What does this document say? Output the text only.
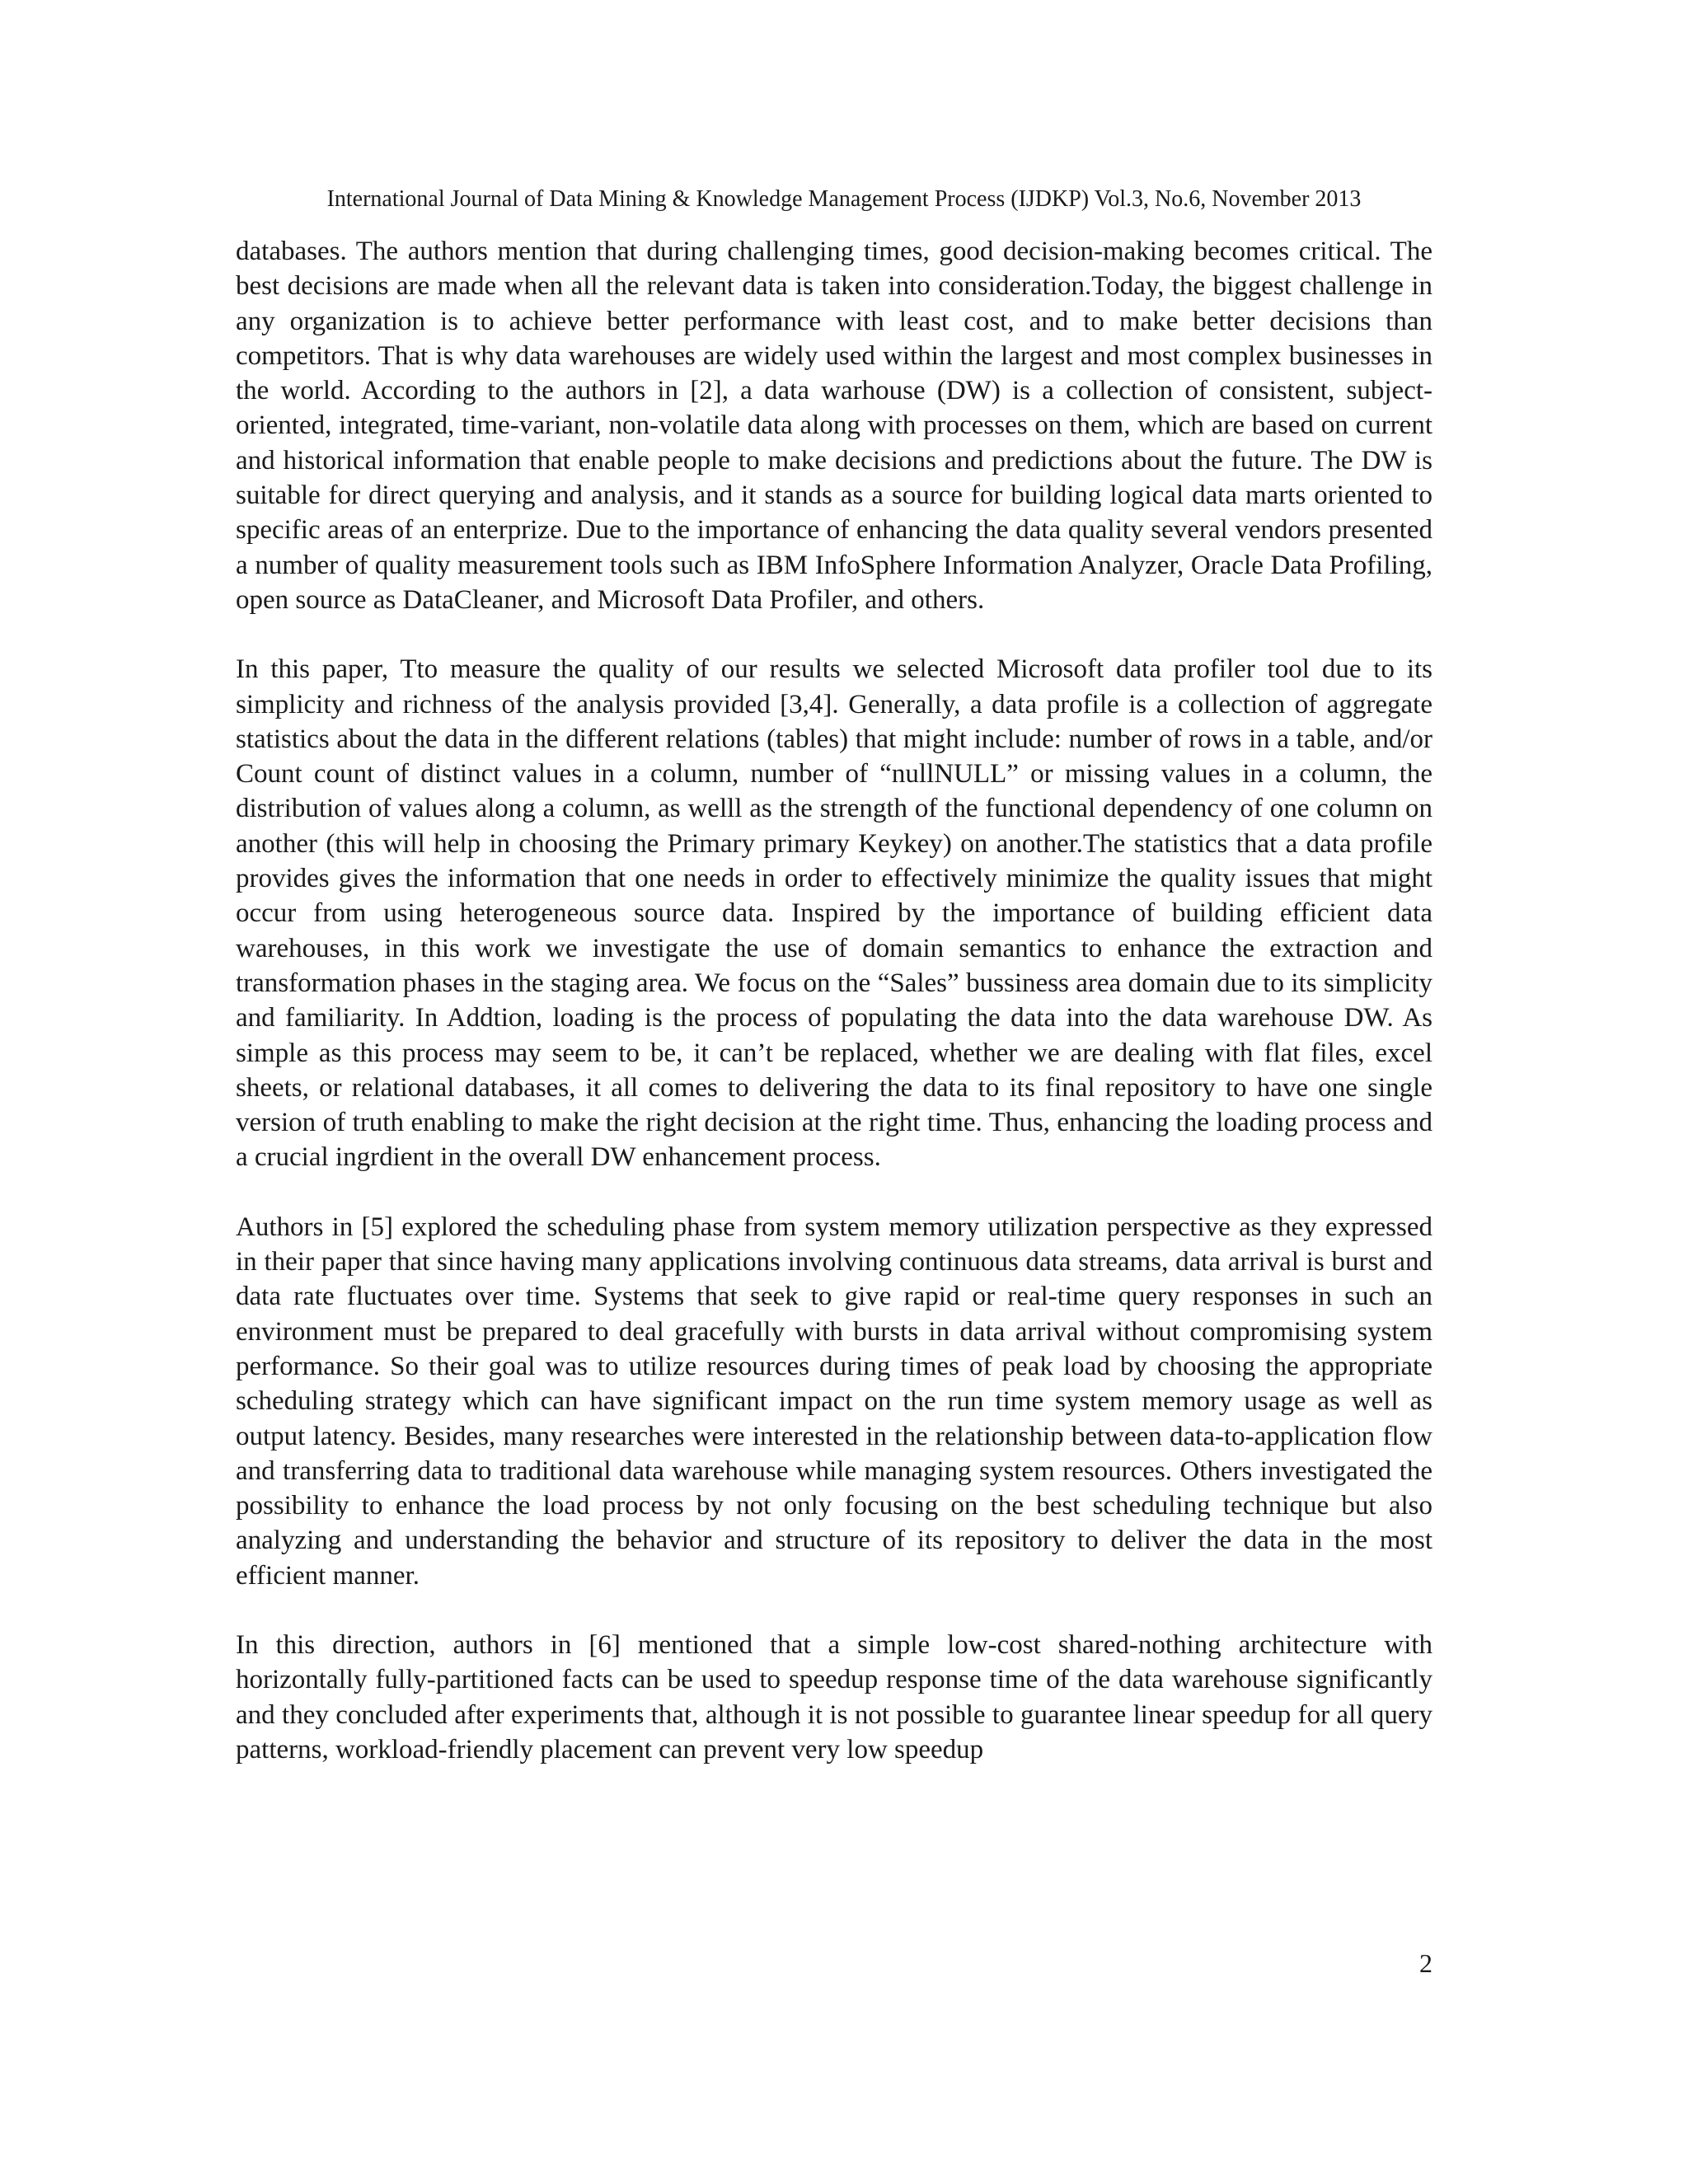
International Journal of Data Mining & Knowledge Management Process (IJDKP) Vol.3, No.6, November 2013

databases. The authors mention that during challenging times, good decision-making becomes critical. The best decisions are made when all the relevant data is taken into consideration.Today, the biggest challenge in any organization is to achieve better performance with least cost, and to make better decisions than competitors. That is why data warehouses are widely used within the largest and most complex businesses in the world. According to the authors in [2], a data warhouse (DW) is a collection of consistent, subject-oriented, integrated, time-variant, non-volatile data along with processes on them, which are based on current and historical information that enable people to make decisions and predictions about the future. The DW is suitable for direct querying and analysis, and it stands as a source for building logical data marts oriented to specific areas of an enterprize. Due to the importance of enhancing the data quality several vendors presented a number of quality measurement tools such as IBM InfoSphere Information Analyzer, Oracle Data Profiling, open source as DataCleaner, and Microsoft Data Profiler, and others.

In this paper, Tto measure the quality of our results we selected Microsoft data profiler tool due to its simplicity and richness of the analysis provided [3,4]. Generally, a data profile is a collection of aggregate statistics about the data in the different relations (tables) that might include: number of rows in a table, and/or Count count of distinct values in a column, number of “nullNULL” or missing values in a column, the distribution of values along a column, as welll as the strength of the functional dependency of one column on another (this will help in choosing the Primary primary Keykey) on another.The statistics that a data profile provides gives the information that one needs in order to effectively minimize the quality issues that might occur from using heterogeneous source data. Inspired by the importance of building efficient data warehouses, in this work we investigate the use of domain semantics to enhance the extraction and transformation phases in the staging area. We focus on the “Sales” bussiness area domain due to its simplicity and familiarity. In Addtion, loading is the process of populating the data into the data warehouse DW. As simple as this process may seem to be, it can’t be replaced, whether we are dealing with flat files, excel sheets, or relational databases, it all comes to delivering the data to its final repository to have one single version of truth enabling to make the right decision at the right time. Thus, enhancing the loading process and a crucial ingrdient in the overall DW enhancement process.

Authors in [5] explored the scheduling phase from system memory utilization perspective as they expressed in their paper that since having many applications involving continuous data streams, data arrival is burst and data rate fluctuates over time. Systems that seek to give rapid or real-time query responses in such an environment must be prepared to deal gracefully with bursts in data arrival without compromising system performance. So their goal was to utilize resources during times of peak load by choosing the appropriate scheduling strategy which can have significant impact on the run time system memory usage as well as output latency. Besides, many researches were interested in the relationship between data-to-application flow and transferring data to traditional data warehouse while managing system resources. Others investigated the possibility to enhance the load process by not only focusing on the best scheduling technique but also analyzing and understanding the behavior and structure of its repository to deliver the data in the most efficient manner.

In this direction, authors in [6] mentioned that a simple low-cost shared-nothing architecture with horizontally fully-partitioned facts can be used to speedup response time of the data warehouse significantly and they concluded after experiments that, although it is not possible to guarantee linear speedup for all query patterns, workload-friendly placement can prevent very low speedup

2
